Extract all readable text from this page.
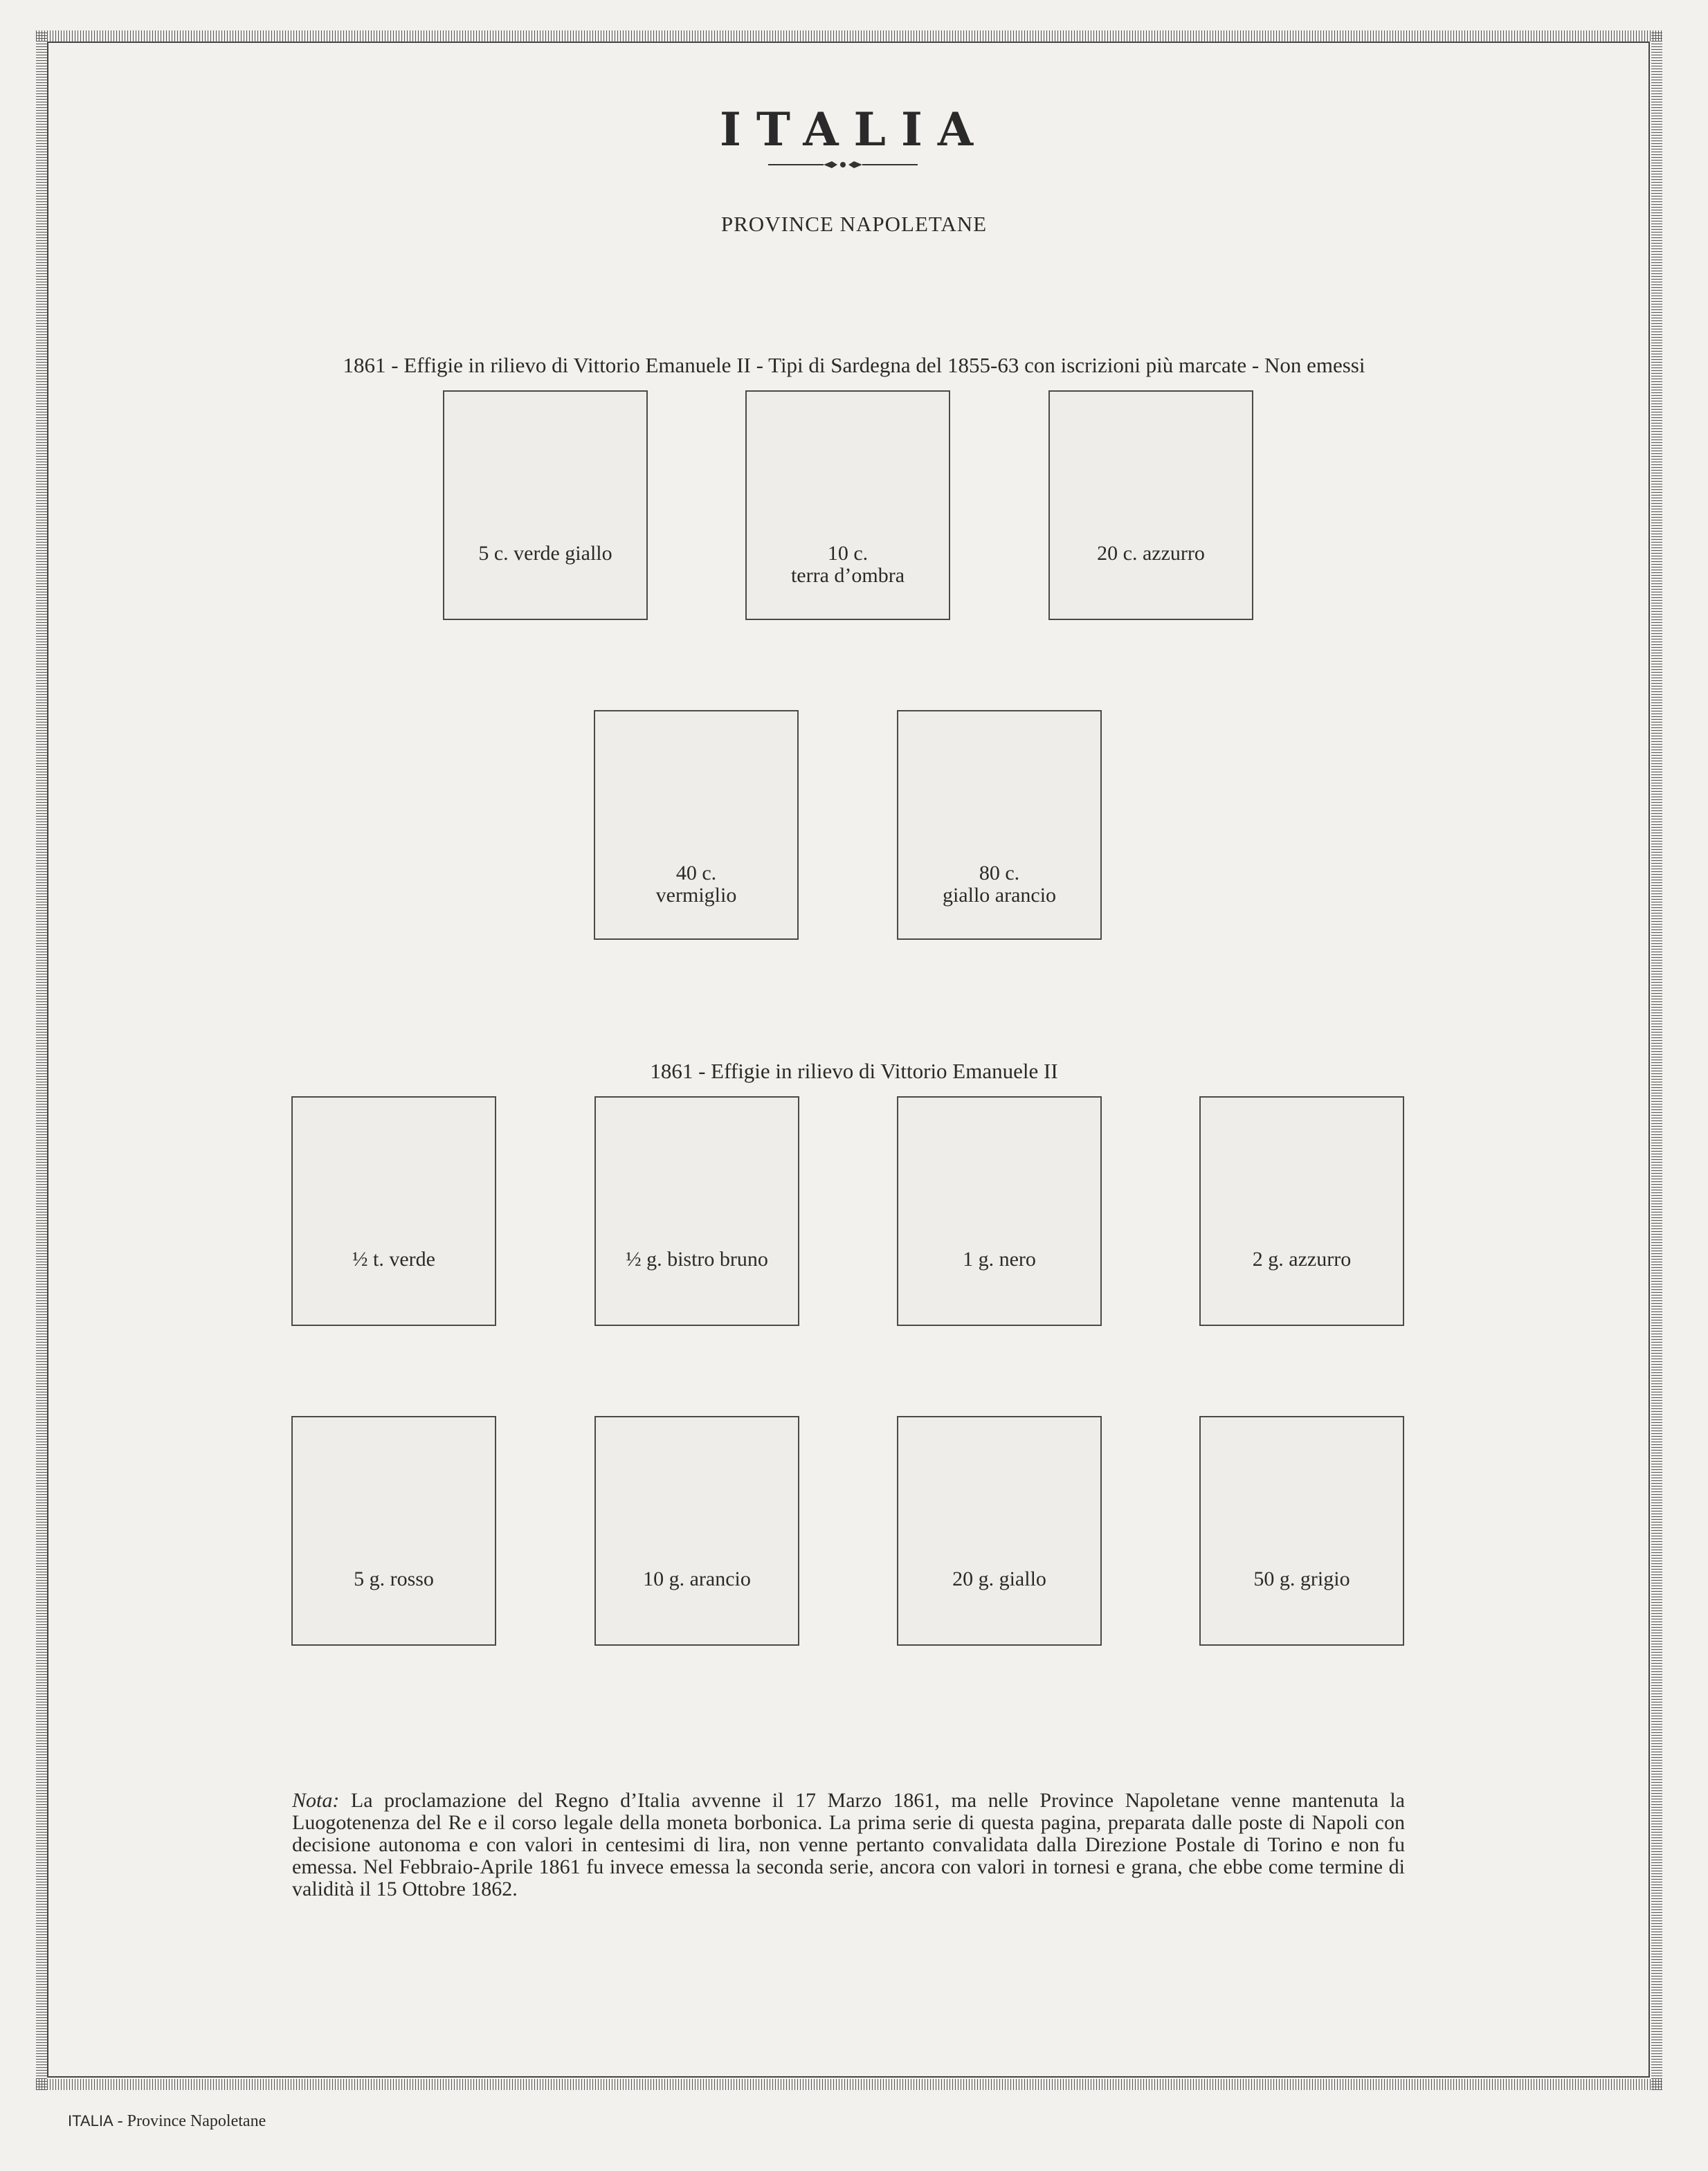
ITALIA
PROVINCE NAPOLETANE
1861 - Effigie in rilievo di Vittorio Emanuele II - Tipi di Sardegna del 1855-63 con iscrizioni più marcate - Non emessi
5 c. verde giallo	10 c.
terra d’ombra
20 c. azzurro
40 c.
vermiglio
80 c.
giallo arancio
1861 - Effigie in rilievo di Vittorio Emanuele II
½ t. verde	½ g. bistro bruno	1 g. nero	2 g. azzurro
5 g. rosso	10 g. arancio	20 g. giallo	50 g. grigio
Nota: La proclamazione del Regno d’Italia avvenne il 17 Marzo 1861, ma nelle Province Napoletane venne mantenuta la Luogotenenza del Re e il corso legale della moneta borbonica. La prima serie di questa pagina, preparata dalle poste di Napoli con decisione autonoma e con valori in centesimi di lira, non venne pertanto convalidata dalla Direzione Postale di Torino e non fu emessa. Nel Febbraio-Aprile 1861 fu invece emessa la seconda serie, ancora con valori in tornesi e grana, che ebbe come termine di validità il 15 Ottobre 1862.
ITALIA - Province Napoletane
